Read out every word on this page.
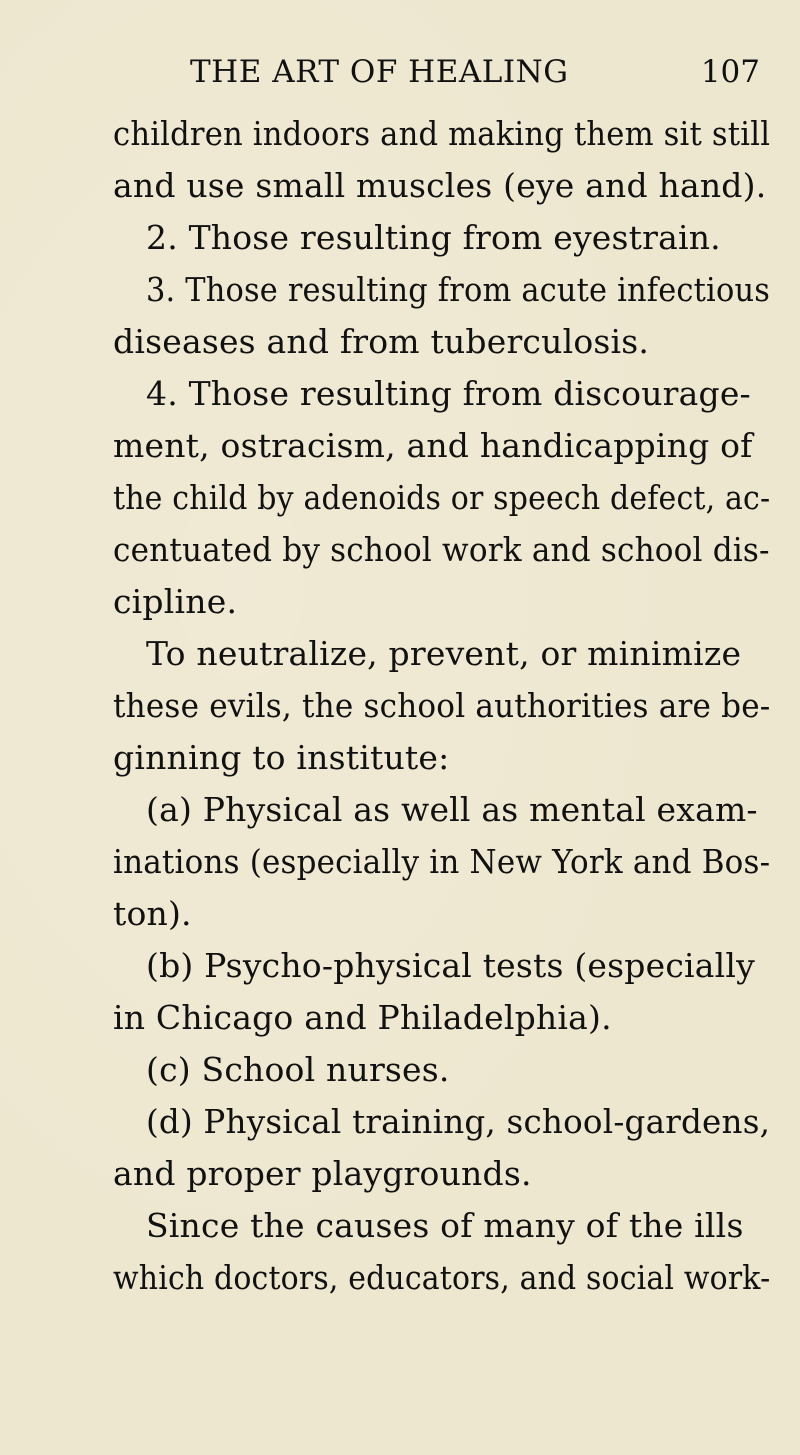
THE ART OF HEALING	107
children indoors and making them sit still
and use small muscles (eye and hand).
2. Those resulting from eyestrain.
3. Those resulting from acute infectious
diseases and from tuberculosis.
4. Those resulting from discourage-
ment, ostracism, and handicapping of
the child by adenoids or speech defect, ac-
centuated by school work and school dis-
cipline.
To neutralize, prevent, or minimize
these evils, the school authorities are be-
ginning to institute:
(a) Physical as well as mental exam-
inations (especially in New York and Bos-
ton).
(b) Psycho-physical tests (especially
in Chicago and Philadelphia).
(c) School nurses.
(d) Physical training, school-gardens,
and proper playgrounds.
Since the causes of many of the ills
which doctors, educators, and social work-
